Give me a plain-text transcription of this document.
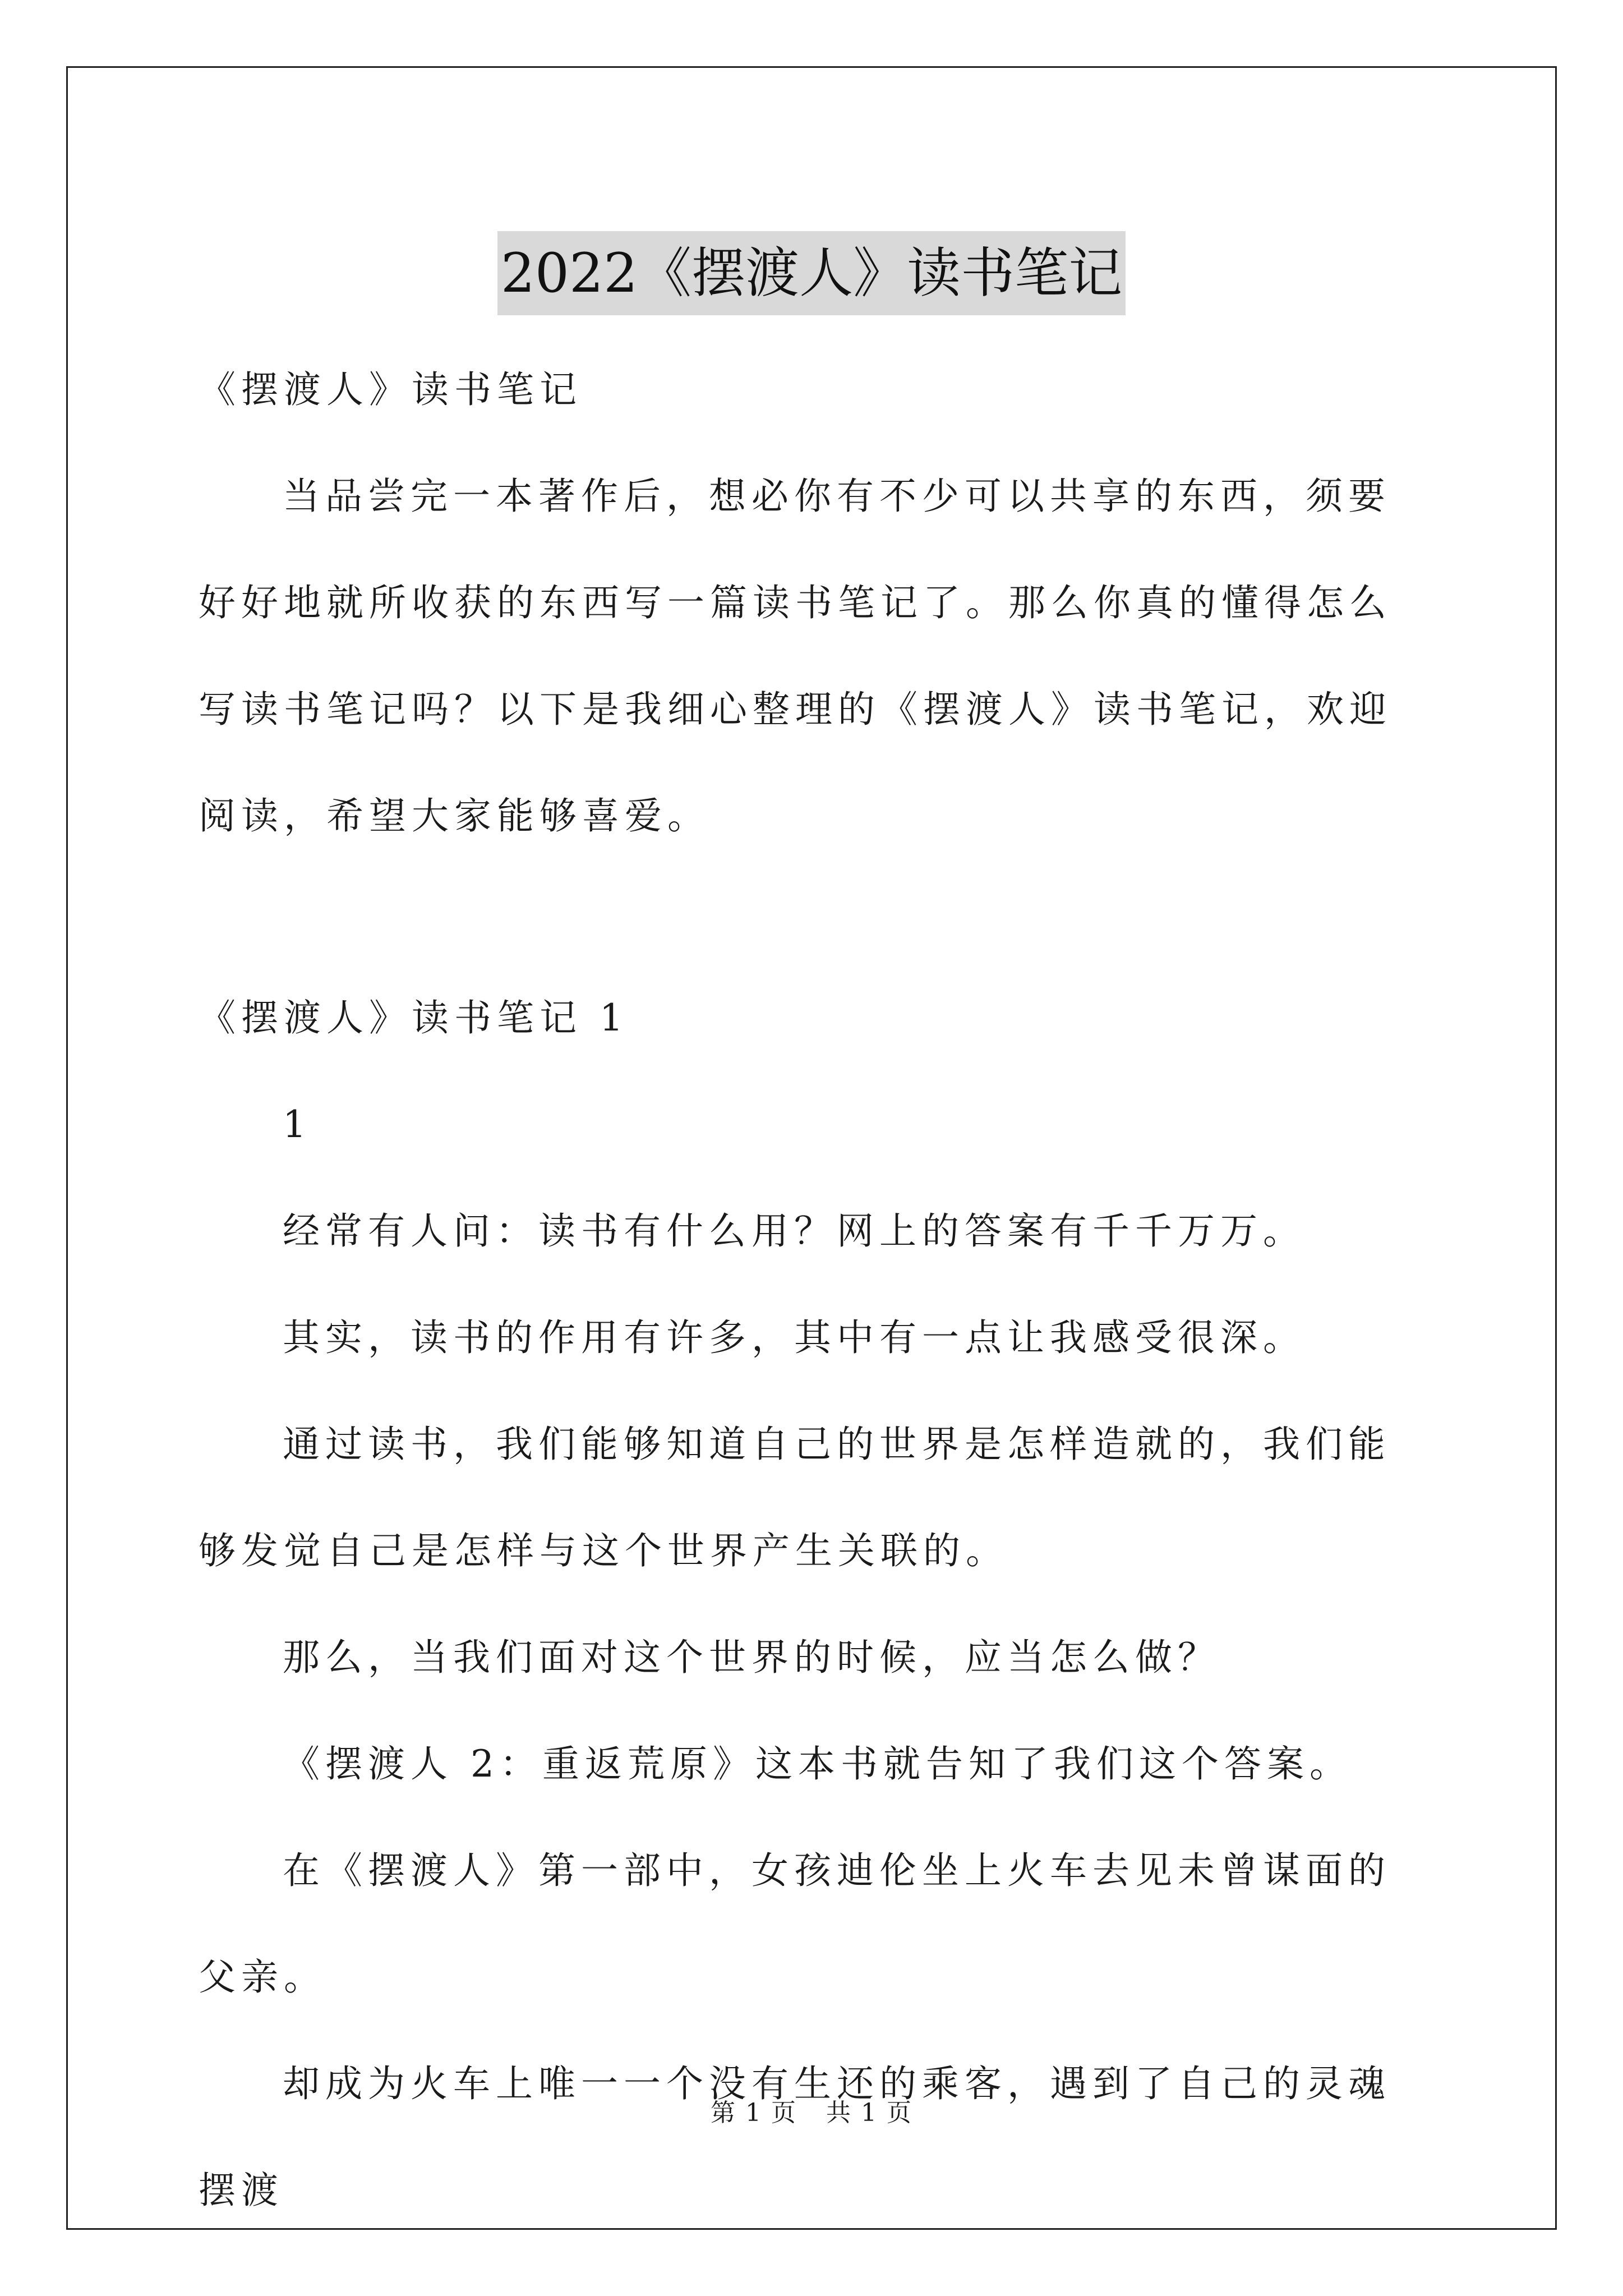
2022《摆渡人》读书笔记

《摆渡人》读书笔记

当品尝完一本著作后，想必你有不少可以共享的东西，须要好好地就所收获的东西写一篇读书笔记了。那么你真的懂得怎么写读书笔记吗？以下是我细心整理的《摆渡人》读书笔记，欢迎阅读，希望大家能够喜爱。

《摆渡人》读书笔记 1

1

经常有人问：读书有什么用？网上的答案有千千万万。

其实，读书的作用有许多，其中有一点让我感受很深。

通过读书，我们能够知道自己的世界是怎样造就的，我们能够发觉自己是怎样与这个世界产生关联的。

那么，当我们面对这个世界的时候，应当怎么做？

《摆渡人 2：重返荒原》这本书就告知了我们这个答案。

在《摆渡人》第一部中，女孩迪伦坐上火车去见未曾谋面的父亲。

却成为火车上唯一一个没有生还的乘客，遇到了自己的灵魂摆渡

第 1 页 共 1 页
